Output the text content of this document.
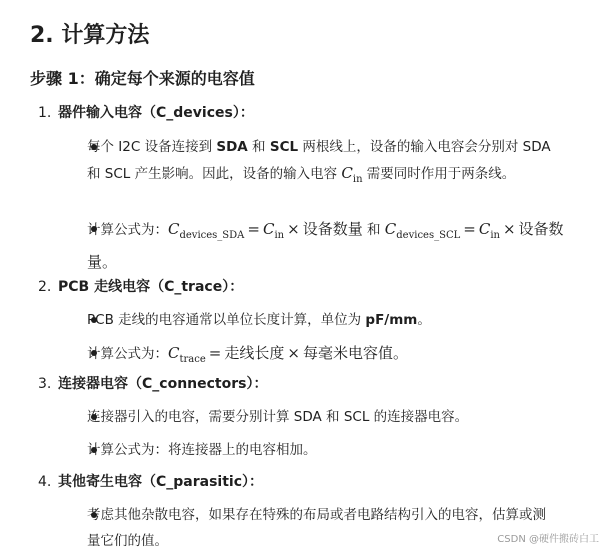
2. 计算方法
步骤 1：确定每个来源的电容值
1. 器件输入电容（C_devices）：
每个 I2C 设备连接到 SDA 和 SCL 两根线上，设备的输入电容会分别对 SDA 和 SCL 产生影响。因此，设备的输入电容 $C_{in}$ 需要同时作用于两条线。
计算公式为：$C_{devices\_SDA} = C_{in}$ × 设备数量 和 $C_{devices\_SCL} = C_{in}$ × 设备数量。
2. PCB 走线电容（C_trace）：
PCB 走线的电容通常以单位长度计算，单位为 pF/mm。
计算公式为：$C_{trace}$ = 走线长度 × 每毫米电容值。
3. 连接器电容（C_connectors）：
连接器引入的电容，需要分别计算 SDA 和 SCL 的连接器电容。
计算公式为：将连接器上的电容相加。
4. 其他寄生电容（C_parasitic）：
考虑其他杂散电容，如果存在特殊的布局或者电路结构引入的电容，估算或测量它们的值。	CSDN @硬件搬砖白工
